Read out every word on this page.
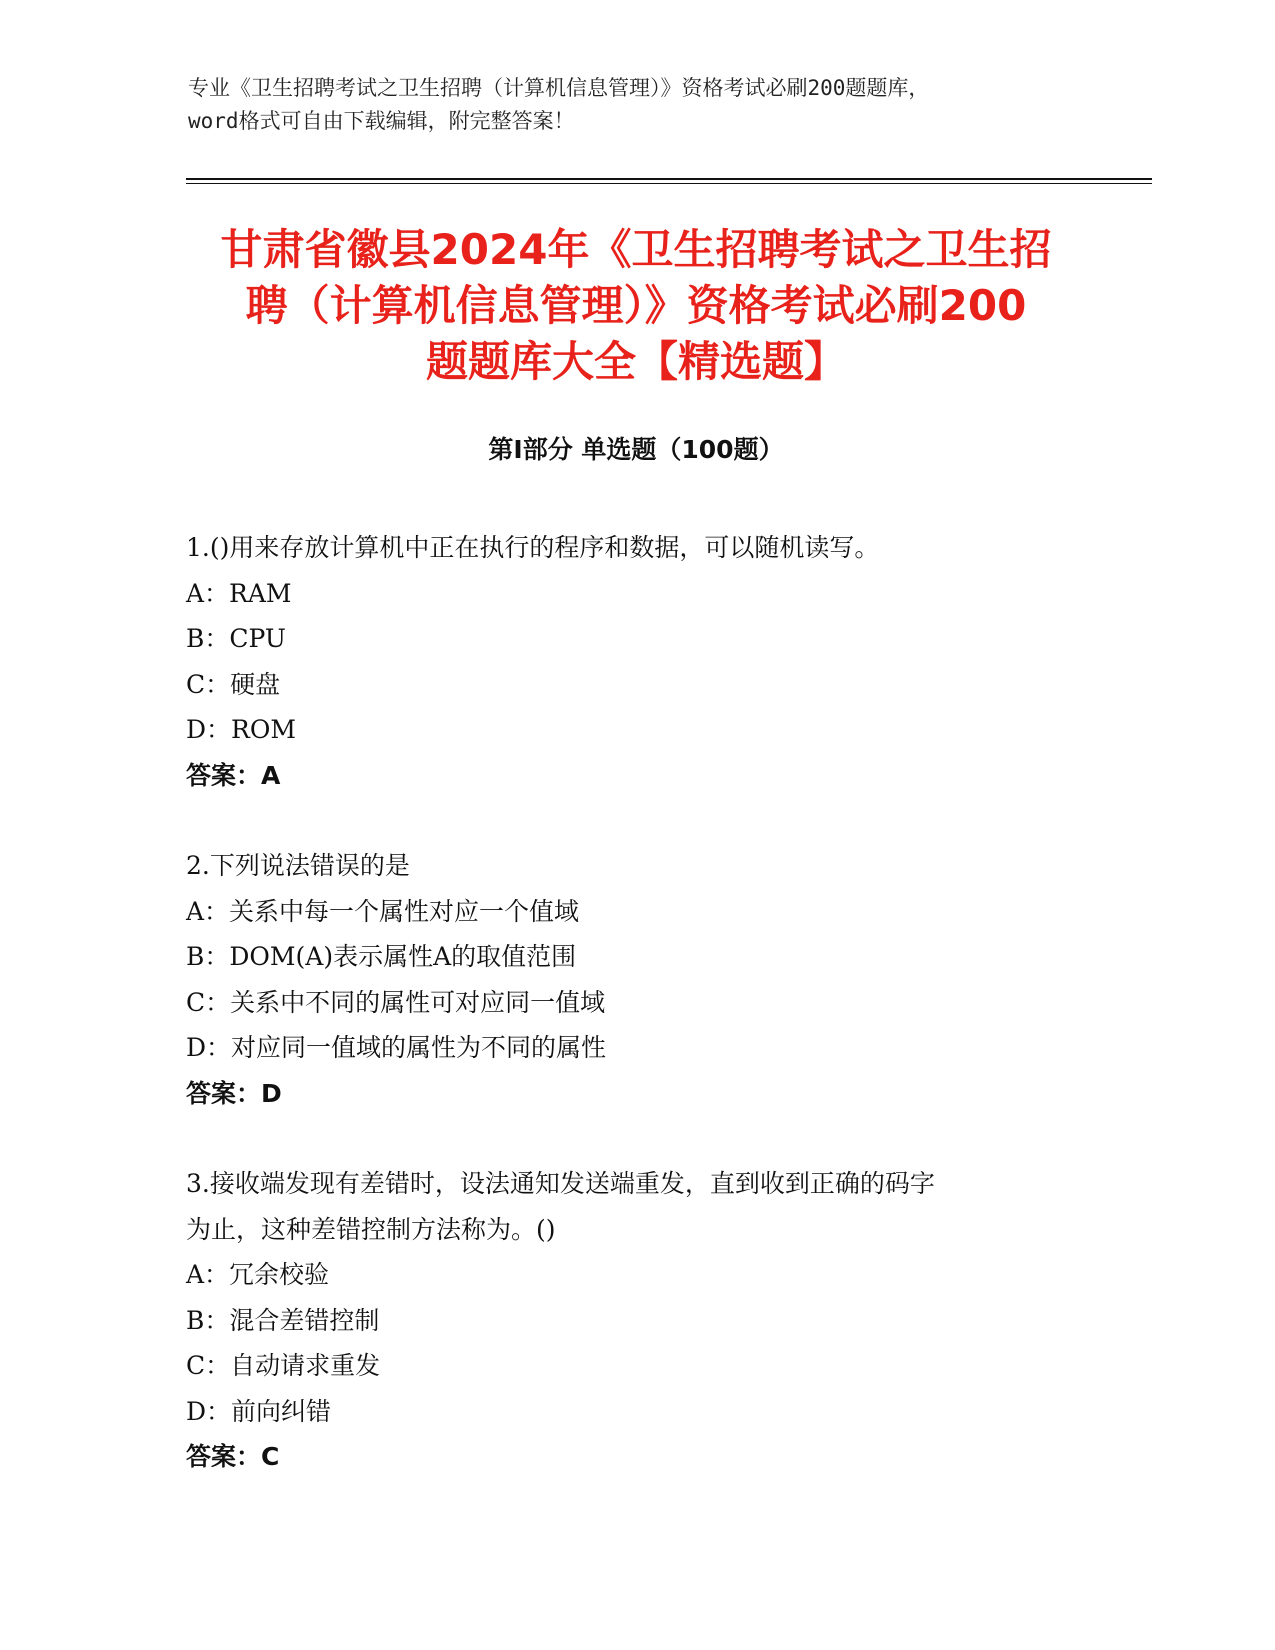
专业《卫生招聘考试之卫生招聘（计算机信息管理）》资格考试必刷200题题库，
word格式可自由下载编辑，附完整答案！
甘肃省徽县2024年《卫生招聘考试之卫生招
聘（计算机信息管理）》资格考试必刷200
题题库大全【精选题】
第Ⅰ部分 单选题（100题）
1.()用来存放计算机中正在执行的程序和数据，可以随机读写。
A：RAM
B：CPU
C：硬盘
D：ROM
答案：A
2.下列说法错误的是
A：关系中每一个属性对应一个值域
B：DOM(A)表示属性A的取值范围
C：关系中不同的属性可对应同一值域
D：对应同一值域的属性为不同的属性
答案：D
3.接收端发现有差错时，设法通知发送端重发，直到收到正确的码字
为止，这种差错控制方法称为。()
A：冗余校验
B：混合差错控制
C：自动请求重发
D：前向纠错
答案：C
